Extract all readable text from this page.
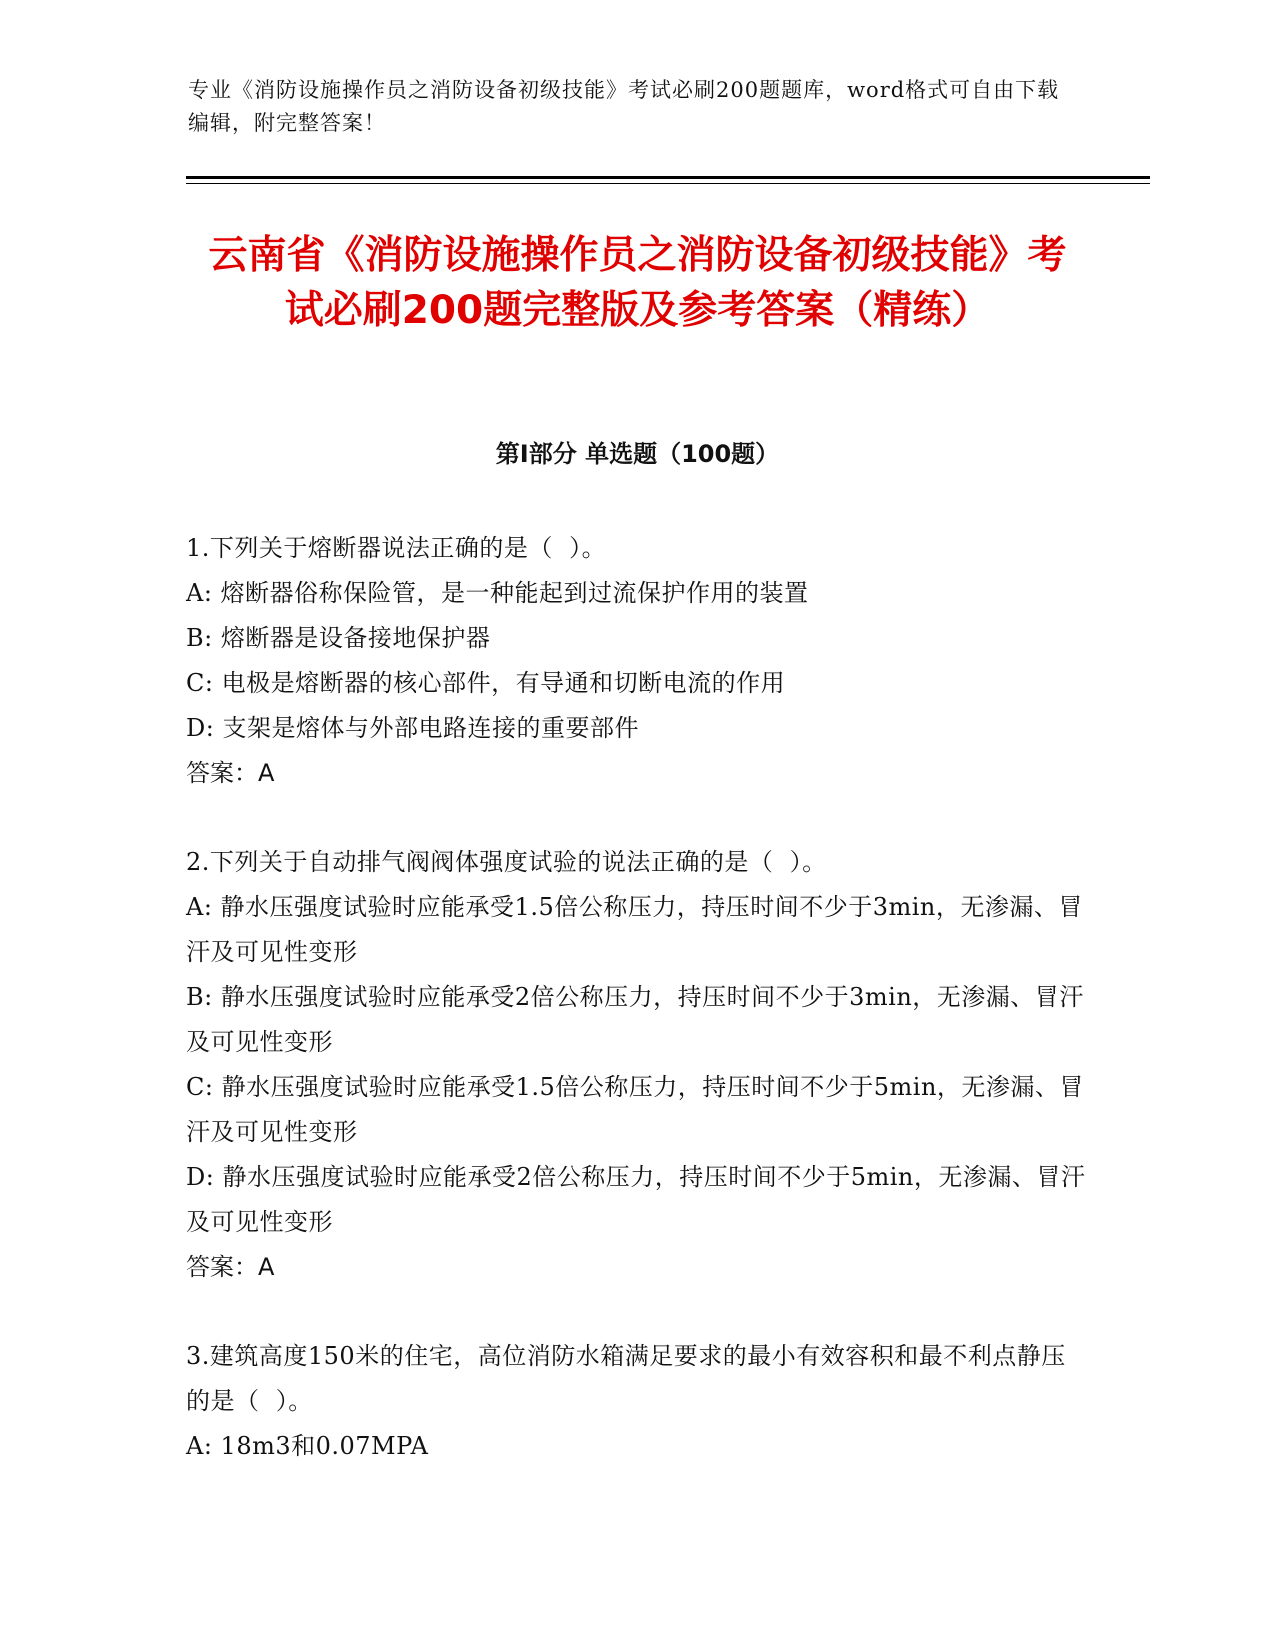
专业《消防设施操作员之消防设备初级技能》考试必刷200题题库，word格式可自由下载编辑，附完整答案！
云南省《消防设施操作员之消防设备初级技能》考试必刷200题完整版及参考答案（精练）
第I部分 单选题（100题）
1.下列关于熔断器说法正确的是（  ）。
A: 熔断器俗称保险管，是一种能起到过流保护作用的装置
B: 熔断器是设备接地保护器
C: 电极是熔断器的核心部件，有导通和切断电流的作用
D: 支架是熔体与外部电路连接的重要部件
答案：A
2.下列关于自动排气阀阀体强度试验的说法正确的是（  ）。
A: 静水压强度试验时应能承受1.5倍公称压力，持压时间不少于3min，无渗漏、冒汗及可见性变形
B: 静水压强度试验时应能承受2倍公称压力，持压时间不少于3min，无渗漏、冒汗及可见性变形
C: 静水压强度试验时应能承受1.5倍公称压力，持压时间不少于5min，无渗漏、冒汗及可见性变形
D: 静水压强度试验时应能承受2倍公称压力，持压时间不少于5min，无渗漏、冒汗及可见性变形
答案：A
3.建筑高度150米的住宅，高位消防水箱满足要求的最小有效容积和最不利点静压的是（  ）。
A: 18m3和0.07MPA
